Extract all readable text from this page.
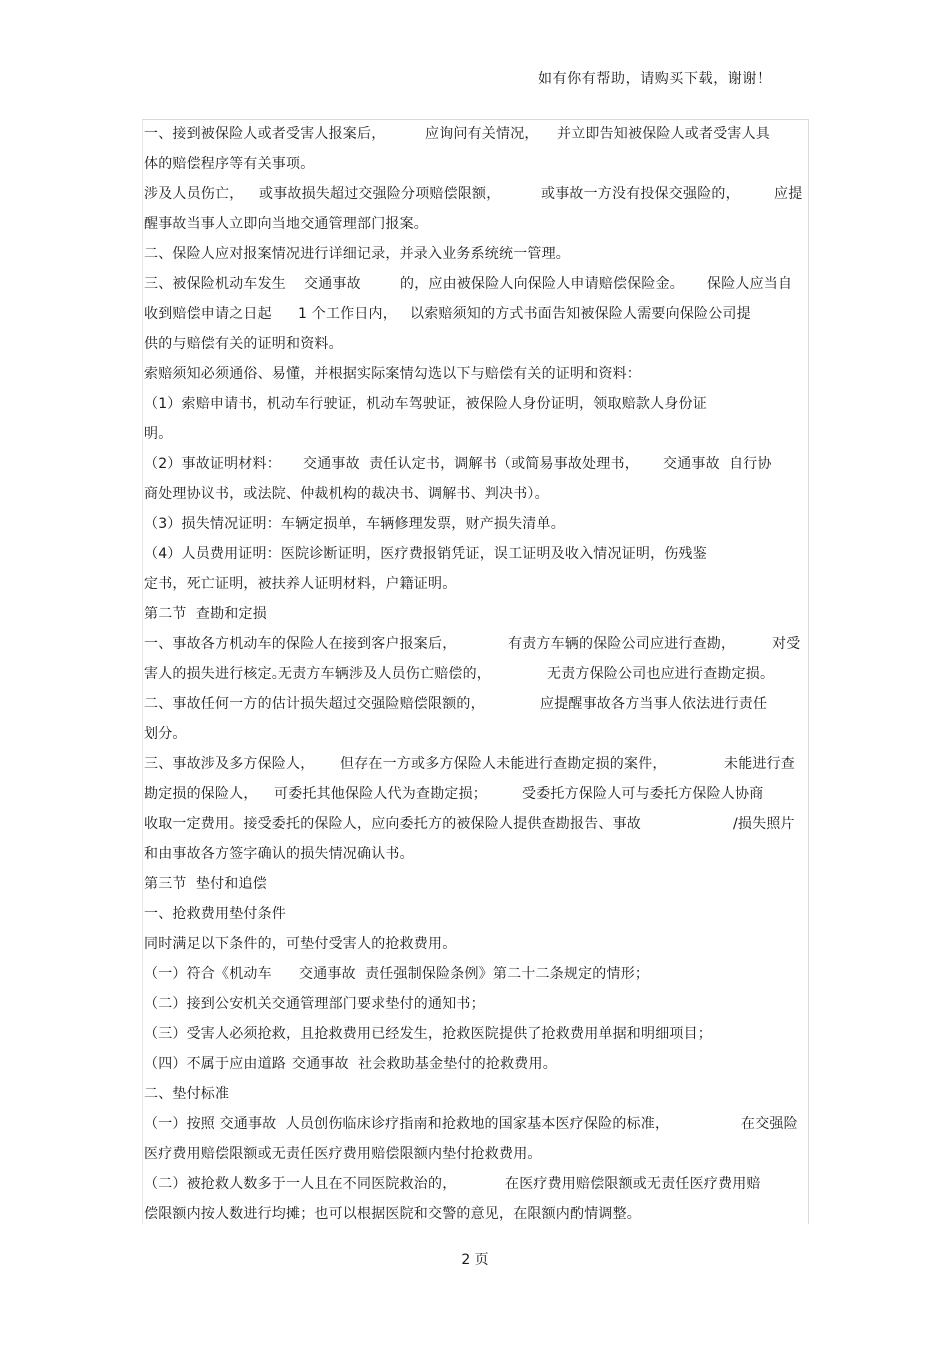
如有你有帮助，请购买下载，谢谢！
一、接到被保险人或者受害人报案后，	应询问有关情况， 并立即告知被保险人或者受害人具
体的赔偿程序等有关事项。
涉及人员伤亡， 或事故损失超过交强险分项赔偿限额，	或事故一方没有投保交强险的， 应提
醒事故当事人立即向当地交通管理部门报案。
二、保险人应对报案情况进行详细记录，并录入业务系统统一管理。
三、被保险机动车发生 交通事故	的，应由被保险人向保险人申请赔偿保险金。 保险人应当自
收到赔偿申请之日起 1 个工作日内， 以索赔须知的方式书面告知被保险人需要向保险公司提
供的与赔偿有关的证明和资料。
索赔须知必须通俗、易懂，并根据实际案情勾选以下与赔偿有关的证明和资料：
（1）索赔申请书，机动车行驶证，机动车驾驶证，被保险人身份证明，领取赔款人身份证
明。
（2）事故证明材料： 交通事故  责任认定书，调解书（或简易事故处理书， 交通事故  自行协
商处理协议书，或法院、仲裁机构的裁决书、调解书、判决书）。
（3）损失情况证明：车辆定损单，车辆修理发票，财产损失清单。
（4）人员费用证明：医院诊断证明，医疗费报销凭证，误工证明及收入情况证明，伤残鉴
定书，死亡证明，被扶养人证明材料，户籍证明。
第二节  查勘和定损
一、事故各方机动车的保险人在接到客户报案后，	有责方车辆的保险公司应进行查勘，	对受
害人的损失进行核定。
无责方车辆涉及人员伤亡赔偿的，	无责方保险公司也应进行查勘定损。
二、事故任何一方的估计损失超过交强险赔偿限额的，	应提醒事故各方当事人依法进行责任
划分。
三、事故涉及多方保险人， 但存在一方或多方保险人未能进行查勘定损的案件，	未能进行查
勘定损的保险人， 可委托其他保险人代为查勘定损；	受委托方保险人可与委托方保险人协商
收取一定费用。接受委托的保险人，应向委托方的被保险人提供查勘报告、事故	/损失照片
和由事故各方签字确认的损失情况确认书。
第三节  垫付和追偿
一、抢救费用垫付条件
同时满足以下条件的，可垫付受害人的抢救费用。
（一）符合《机动车 交通事故  责任强制保险条例》第二十二条规定的情形；
（二）接到公安机关交通管理部门要求垫付的通知书；
（三）受害人必须抢救，且抢救费用已经发生，抢救医院提供了抢救费用单据和明细项目；
（四）不属于应由道路 交通事故  社会救助基金垫付的抢救费用。
二、垫付标准
（一）按照 交通事故  人员创伤临床诊疗指南和抢救地的国家基本医疗保险的标准，	在交强险
医疗费用赔偿限额或无责任医疗费用赔偿限额内垫付抢救费用。
（二）被抢救人数多于一人且在不同医院救治的，	在医疗费用赔偿限额或无责任医疗费用赔
偿限额内按人数进行均摊；也可以根据医院和交警的意见，在限额内酌情调整。
2 页
